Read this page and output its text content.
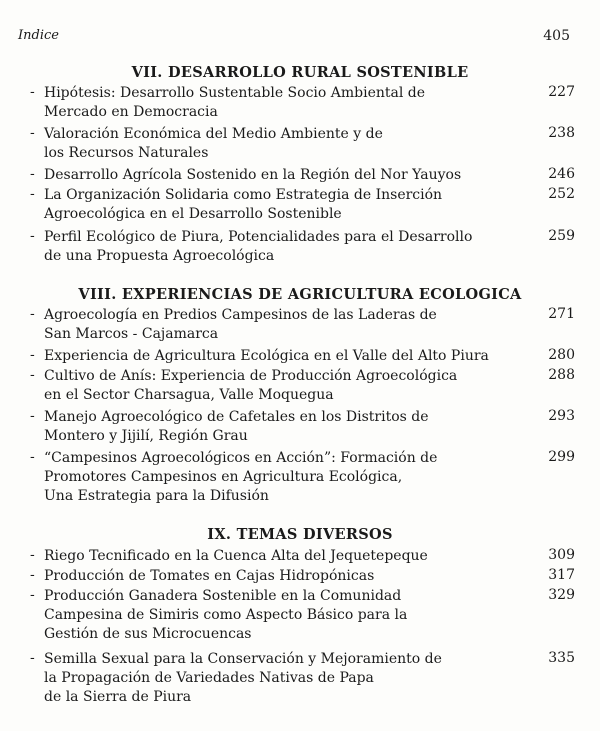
Indice	405
VII. DESARROLLO RURAL SOSTENIBLE
- Hipótesis: Desarrollo Sustentable Socio Ambiental de
Mercado en Democracia
227
- Valoración Económica del Medio Ambiente y de
los Recursos Naturales
238
- Desarrollo Agrícola Sostenido en la Región del Nor Yauyos	246
- La Organización Solidaria como Estrategia de Inserción
Agroecológica en el Desarrollo Sostenible
252
- Perfil Ecológico de Piura, Potencialidades para el Desarrollo
de una Propuesta Agroecológica
259
VIII. EXPERIENCIAS DE AGRICULTURA ECOLOGICA
- Agroecología en Predios Campesinos de las Laderas de
San Marcos - Cajamarca
271
- Experiencia de Agricultura Ecológica en el Valle del Alto Piura	280
- Cultivo de Anís: Experiencia de Producción Agroecológica
en el Sector Charsagua, Valle Moquegua
288
- Manejo Agroecológico de Cafetales en los Distritos de
Montero y Jijilí, Región Grau
293
- “Campesinos Agroecológicos en Acción”: Formación de
Promotores Campesinos en Agricultura Ecológica,
Una Estrategia para la Difusión
299
IX. TEMAS DIVERSOS
- Riego Tecnificado en la Cuenca Alta del Jequetepeque	309
- Producción de Tomates en Cajas Hidropónicas	317
- Producción Ganadera Sostenible en la Comunidad
Campesina de Simiris como Aspecto Básico para la
Gestión de sus Microcuencas
329
- Semilla Sexual para la Conservación y Mejoramiento de
la Propagación de Variedades Nativas de Papa
de la Sierra de Piura
335
